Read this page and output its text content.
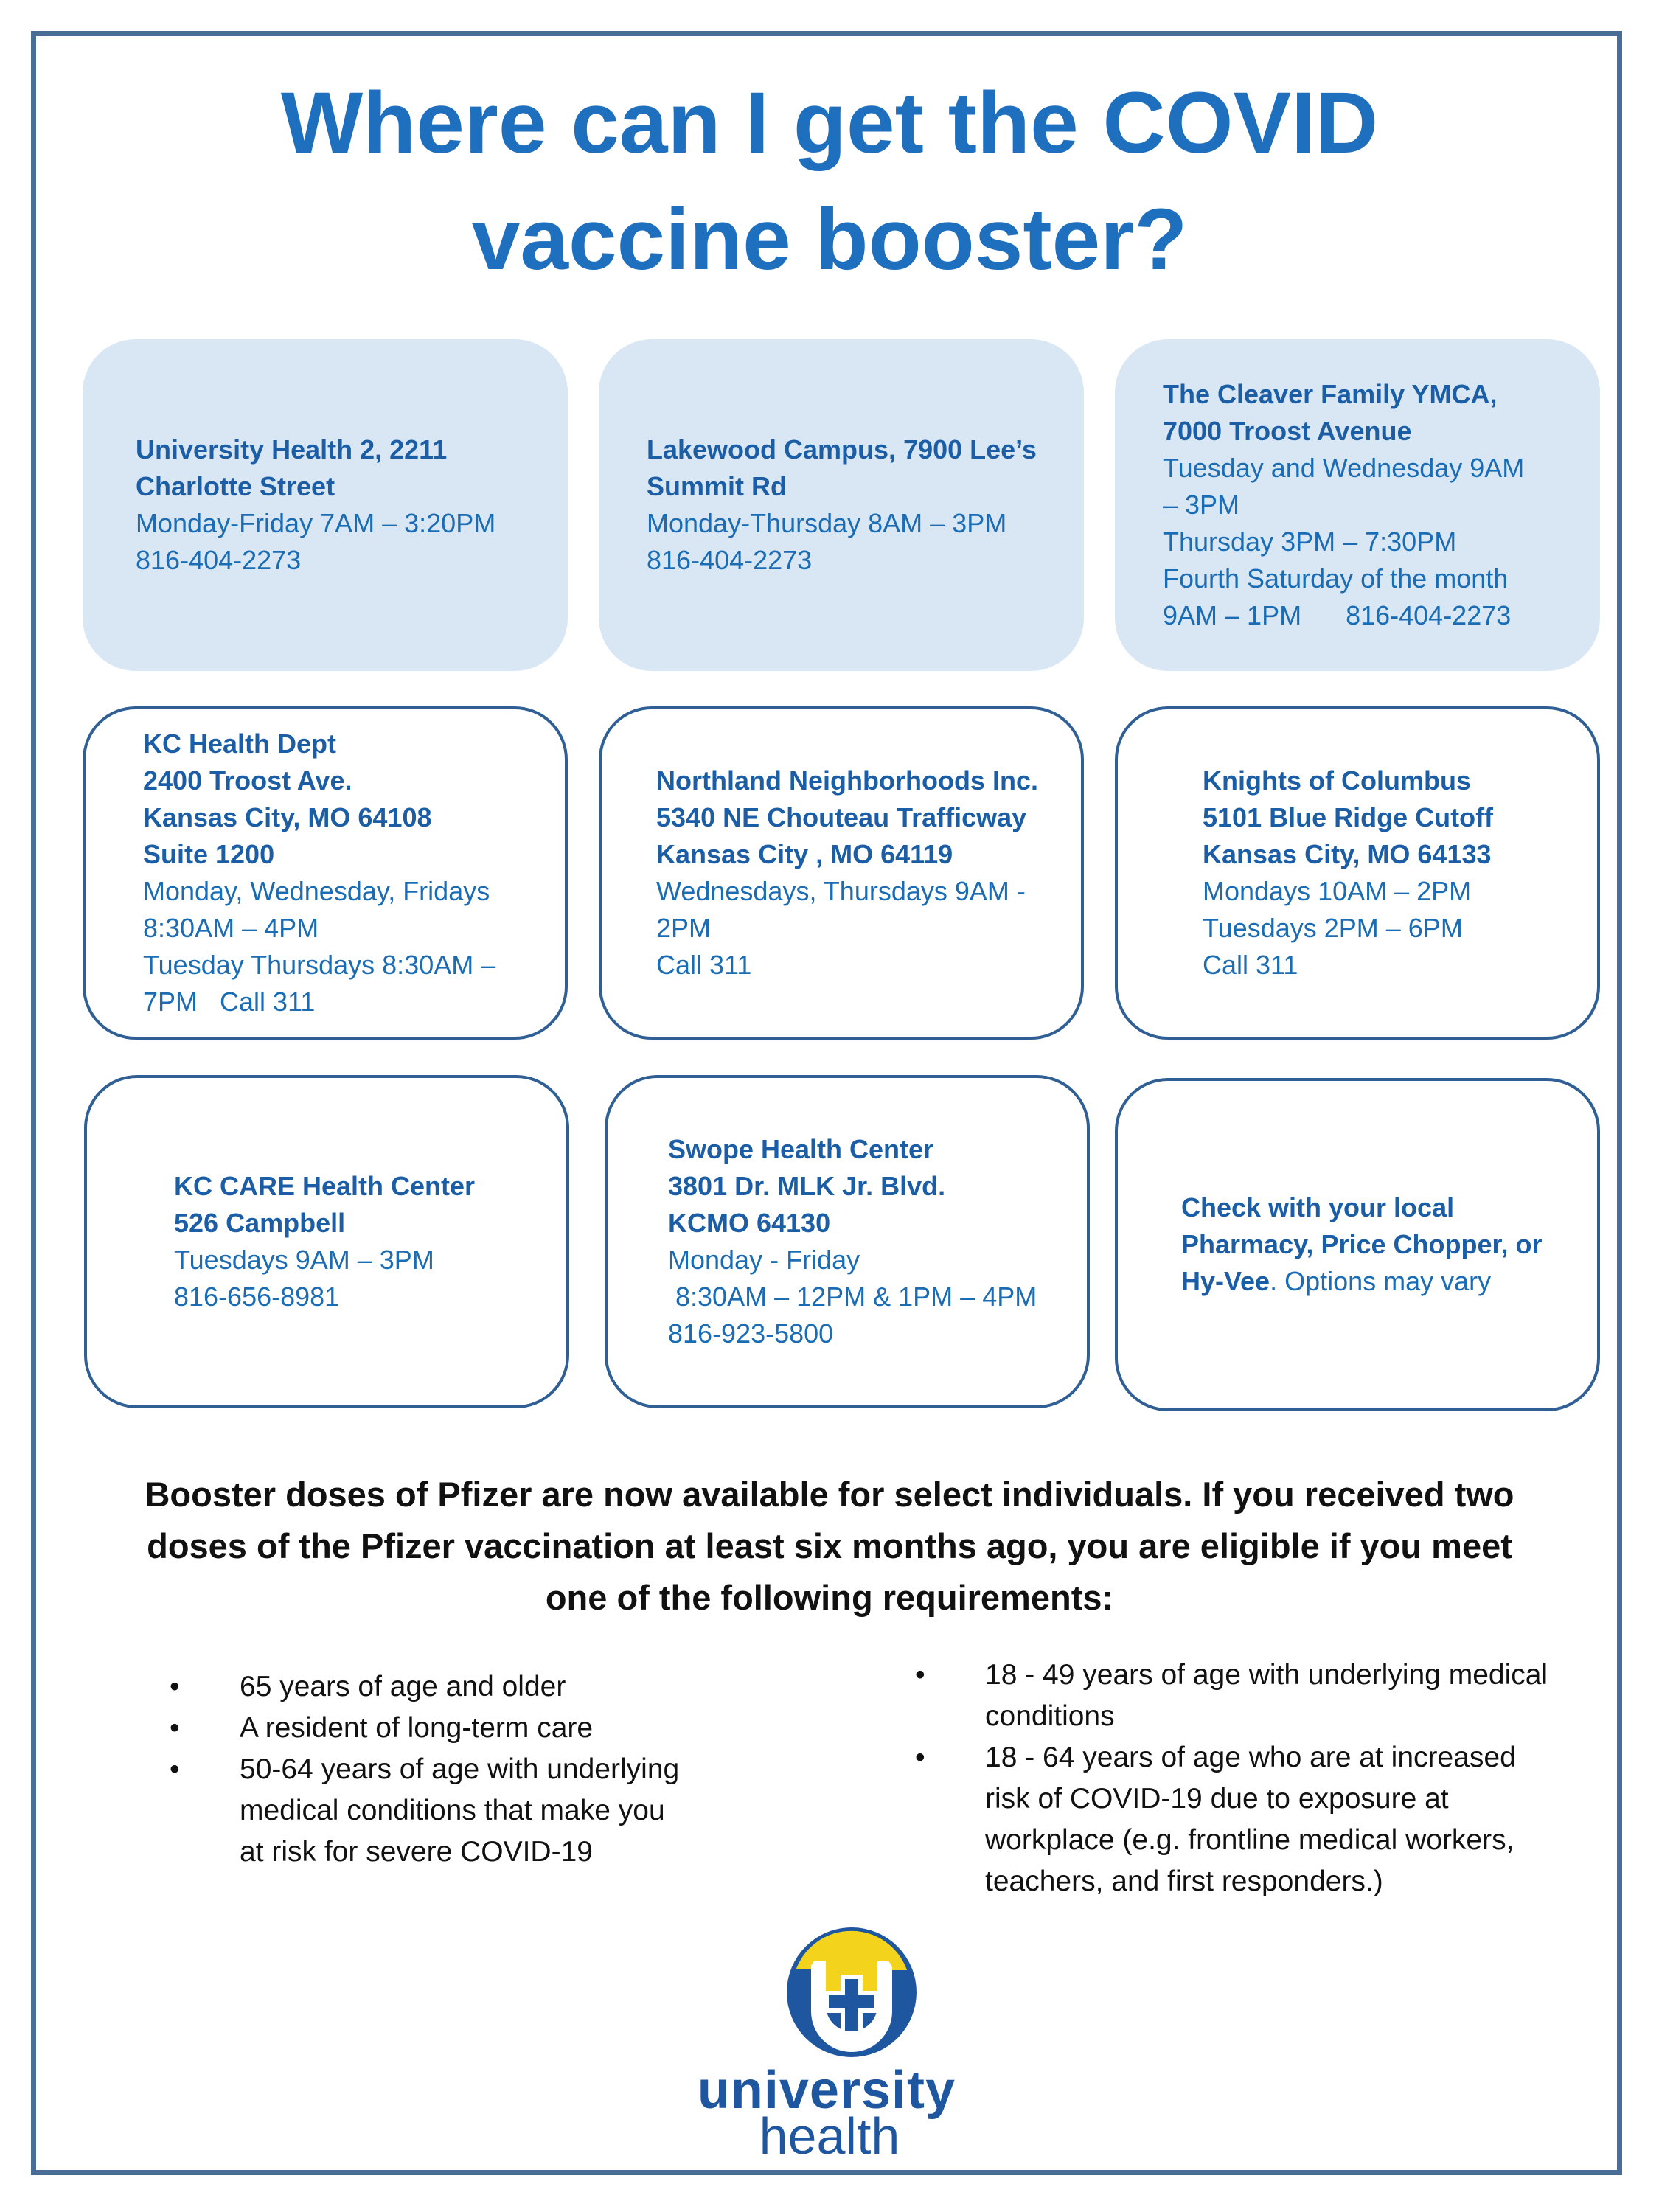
Where can I get the COVID
vaccine booster?
University Health 2, 2211
Charlotte Street
Monday-Friday 7AM – 3:20PM
816-404-2273
Lakewood Campus, 7900 Lee’s
Summit Rd
Monday-Thursday 8AM – 3PM
816-404-2273
The Cleaver Family YMCA,
7000 Troost Avenue
Tuesday and Wednesday 9AM
– 3PM
Thursday 3PM – 7:30PM
Fourth Saturday of the month
9AM – 1PM      816-404-2273
KC Health Dept
2400 Troost Ave.
Kansas City, MO 64108
Suite 1200
Monday, Wednesday, Fridays
8:30AM – 4PM
Tuesday Thursdays 8:30AM –
7PM   Call 311
Northland Neighborhoods Inc.
5340 NE Chouteau Trafficway
Kansas City , MO 64119
Wednesdays, Thursdays 9AM -
2PM
Call 311
Knights of Columbus
5101 Blue Ridge Cutoff
Kansas City, MO 64133
Mondays 10AM – 2PM
Tuesdays 2PM – 6PM
Call 311
KC CARE Health Center
526 Campbell
Tuesdays 9AM – 3PM
816-656-8981
Swope Health Center
3801 Dr. MLK Jr. Blvd.
KCMO 64130
Monday - Friday
8:30AM – 12PM & 1PM – 4PM
816-923-5800
Check with your local
Pharmacy, Price Chopper, or
Hy-Vee. Options may vary
Booster doses of Pfizer are now available for select individuals. If you received two
doses of the Pfizer vaccination at least six months ago, you are eligible if you meet
one of the following requirements:
• 65 years of age and older
• A resident of long-term care
• 50-64 years of age with underlying
medical conditions that make you
at risk for severe COVID-19
• 18 - 49 years of age with underlying medical
conditions
• 18 - 64 years of age who are at increased
risk of COVID-19 due to exposure at
workplace (e.g. frontline medical workers,
teachers, and first responders.)
university
health
